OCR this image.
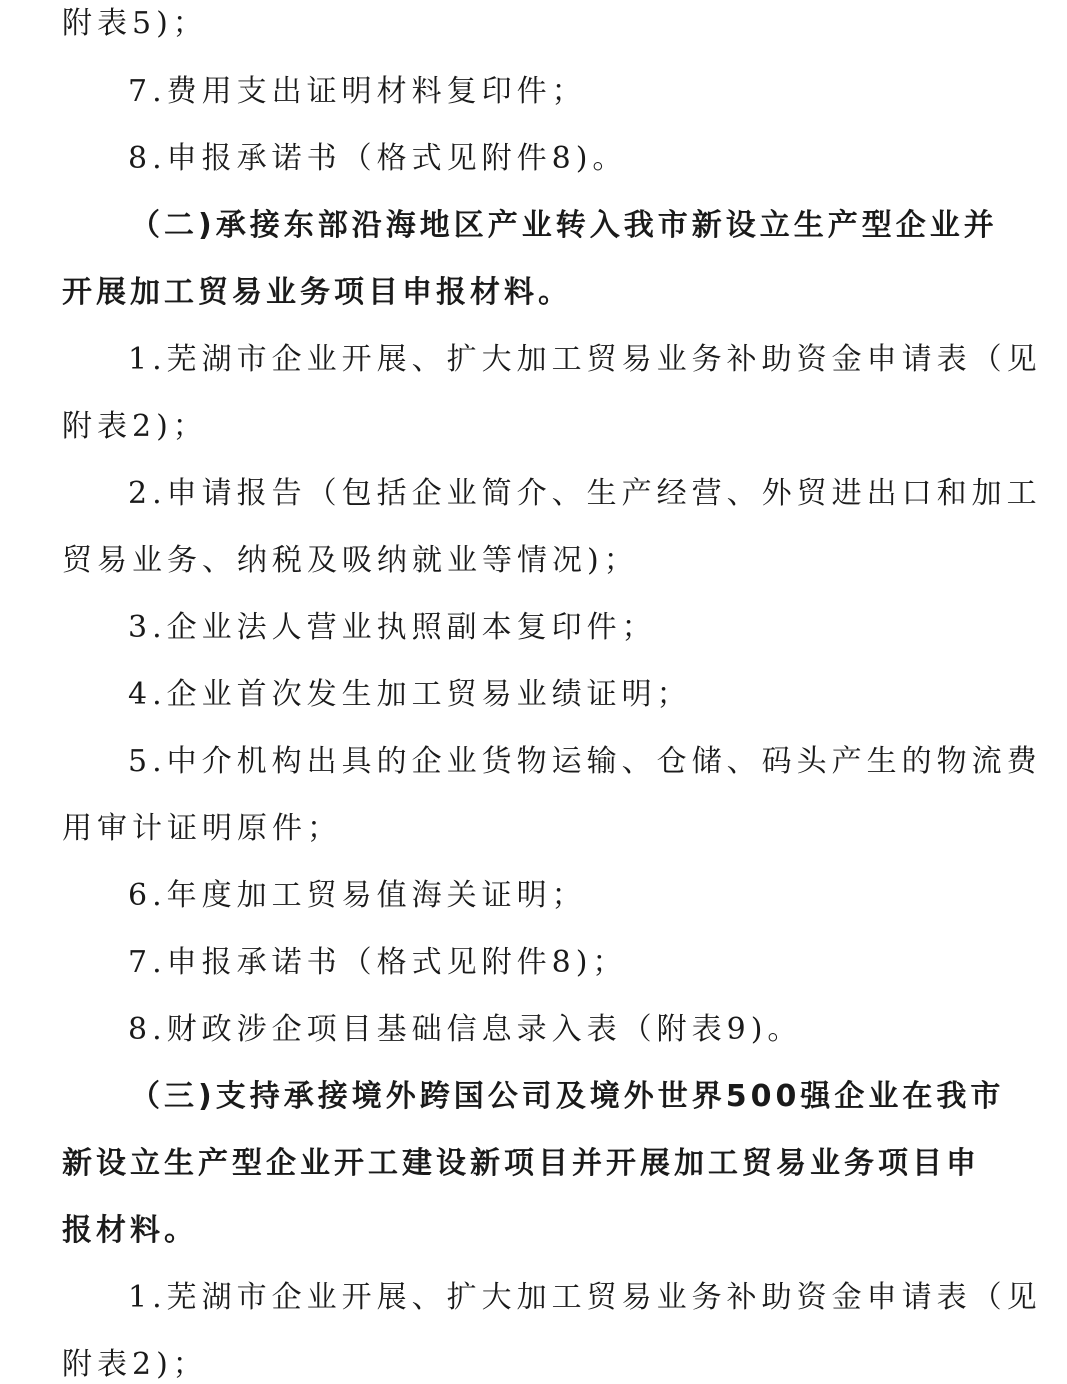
附表5)；
7.费用支出证明材料复印件；
8.申报承诺书（格式见附件8)。
（二)承接东部沿海地区产业转入我市新设立生产型企业并
开展加工贸易业务项目申报材料。
1.芜湖市企业开展、扩大加工贸易业务补助资金申请表（见
附表2)；
2.申请报告（包括企业简介、生产经营、外贸进出口和加工
贸易业务、纳税及吸纳就业等情况)；
3.企业法人营业执照副本复印件；
4.企业首次发生加工贸易业绩证明；
5.中介机构出具的企业货物运输、仓储、码头产生的物流费
用审计证明原件；
6.年度加工贸易值海关证明；
7.申报承诺书（格式见附件8)；
8.财政涉企项目基础信息录入表（附表9)。
（三)支持承接境外跨国公司及境外世界500强企业在我市
新设立生产型企业开工建设新项目并开展加工贸易业务项目申
报材料。
1.芜湖市企业开展、扩大加工贸易业务补助资金申请表（见
附表2)；
